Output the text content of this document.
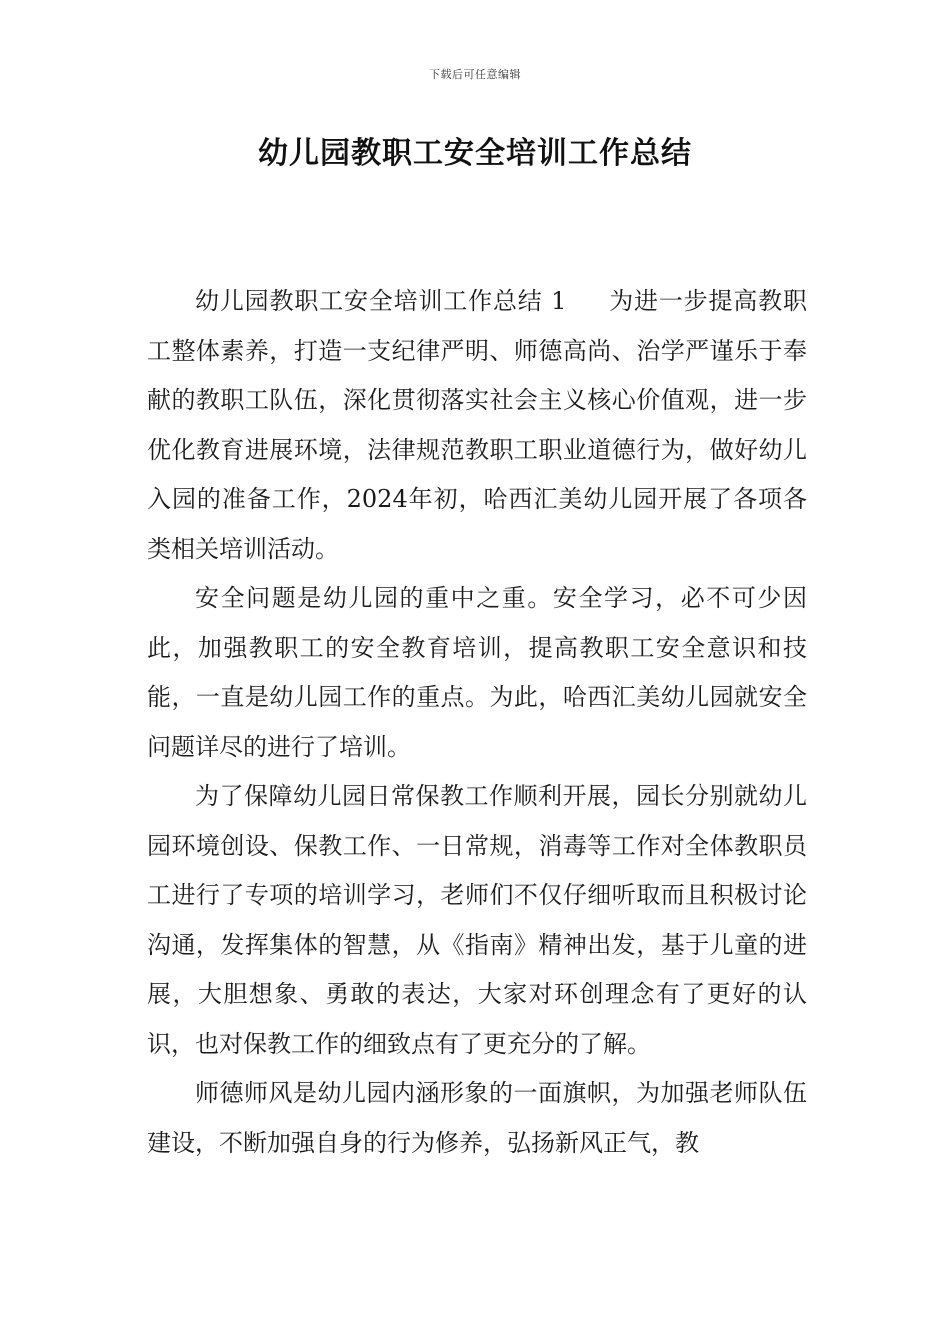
下载后可任意编辑
幼儿园教职工安全培训工作总结

幼儿园教职工安全培训工作总结 1 为进一步提高教职工整体素养，打造一支纪律严明、师德高尚、治学严谨乐于奉献的教职工队伍，深化贯彻落实社会主义核心价值观，进一步优化教育进展环境，法律规范教职工职业道德行为，做好幼儿入园的准备工作，2024年初，哈西汇美幼儿园开展了各项各类相关培训活动。

安全问题是幼儿园的重中之重。安全学习，必不可少因此，加强教职工的安全教育培训，提高教职工安全意识和技能，一直是幼儿园工作的重点。为此，哈西汇美幼儿园就安全问题详尽的进行了培训。

为了保障幼儿园日常保教工作顺利开展，园长分别就幼儿园环境创设、保教工作、一日常规，消毒等工作对全体教职员工进行了专项的培训学习，老师们不仅仔细听取而且积极讨论沟通，发挥集体的智慧，从《指南》精神出发，基于儿童的进展，大胆想象、勇敢的表达，大家对环创理念有了更好的认识，也对保教工作的细致点有了更充分的了解。

师德师风是幼儿园内涵形象的一面旗帜，为加强老师队伍建设，不断加强自身的行为修养，弘扬新风正气，教
